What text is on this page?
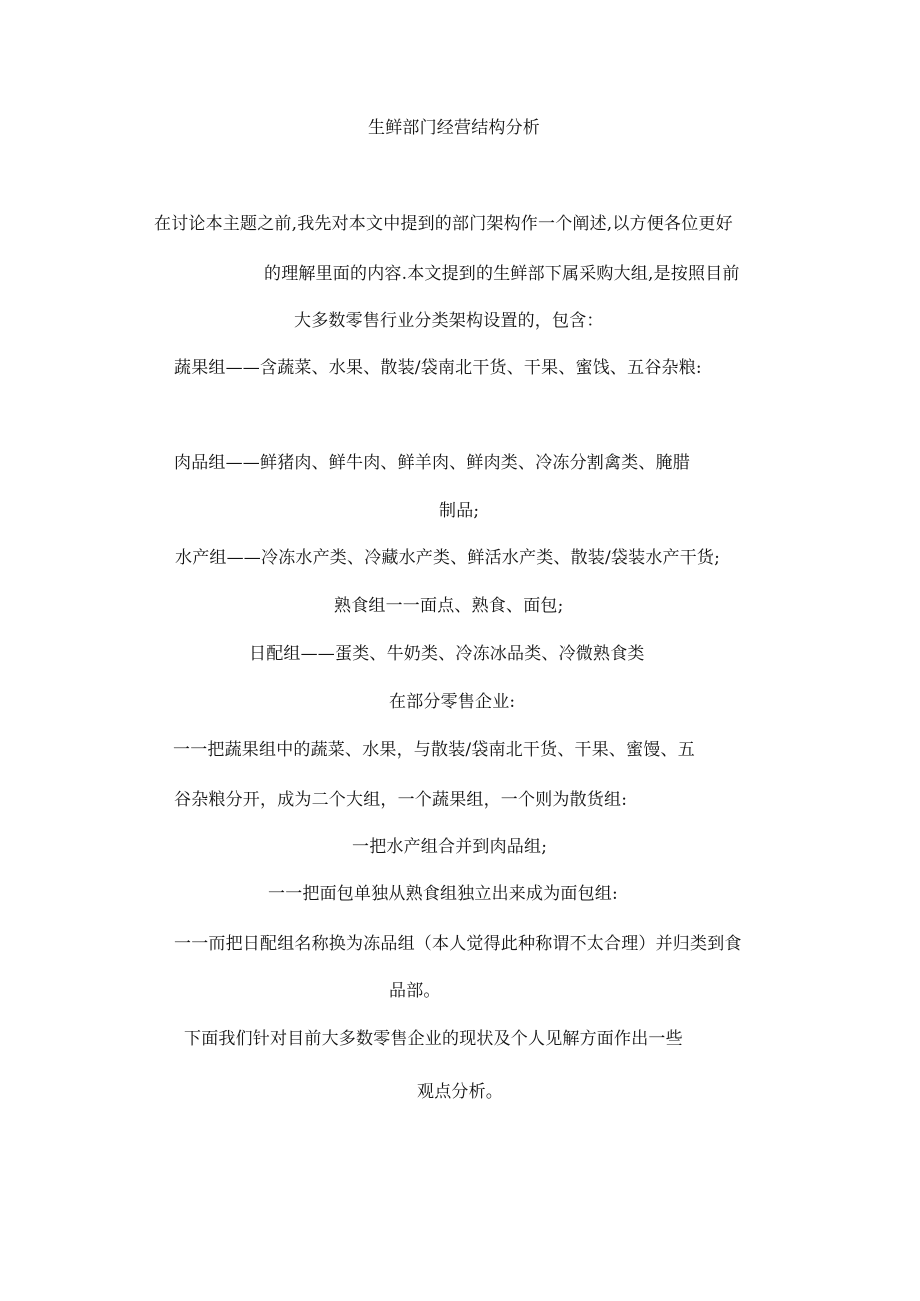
生鲜部门经营结构分析
在讨论本主题之前,我先对本文中提到的部门架构作一个阐述,以方便各位更好
的理解里面的内容.本文提到的生鲜部下属采购大组,是按照目前
大多数零售行业分类架构设置的，包含：
蔬果组——含蔬菜、水果、散装/袋南北干货、干果、蜜饯、五谷杂粮:
肉品组——鲜猪肉、鲜牛肉、鲜羊肉、鲜肉类、冷冻分割禽类、腌腊
制品;
水产组——冷冻水产类、冷藏水产类、鲜活水产类、散装/袋装水产干货;
熟食组一一面点、熟食、面包;
日配组——蛋类、牛奶类、冷冻冰品类、冷微熟食类
在部分零售企业:
一一把蔬果组中的蔬菜、水果，与散装/袋南北干货、干果、蜜馒、五
谷杂粮分开，成为二个大组，一个蔬果组，一个则为散货组:
一把水产组合并到肉品组;
一一把面包单独从熟食组独立出来成为面包组:
一一而把日配组名称换为冻品组（本人觉得此种称谓不太合理）并归类到食
品部。
下面我们针对目前大多数零售企业的现状及个人见解方面作出一些
观点分析。
